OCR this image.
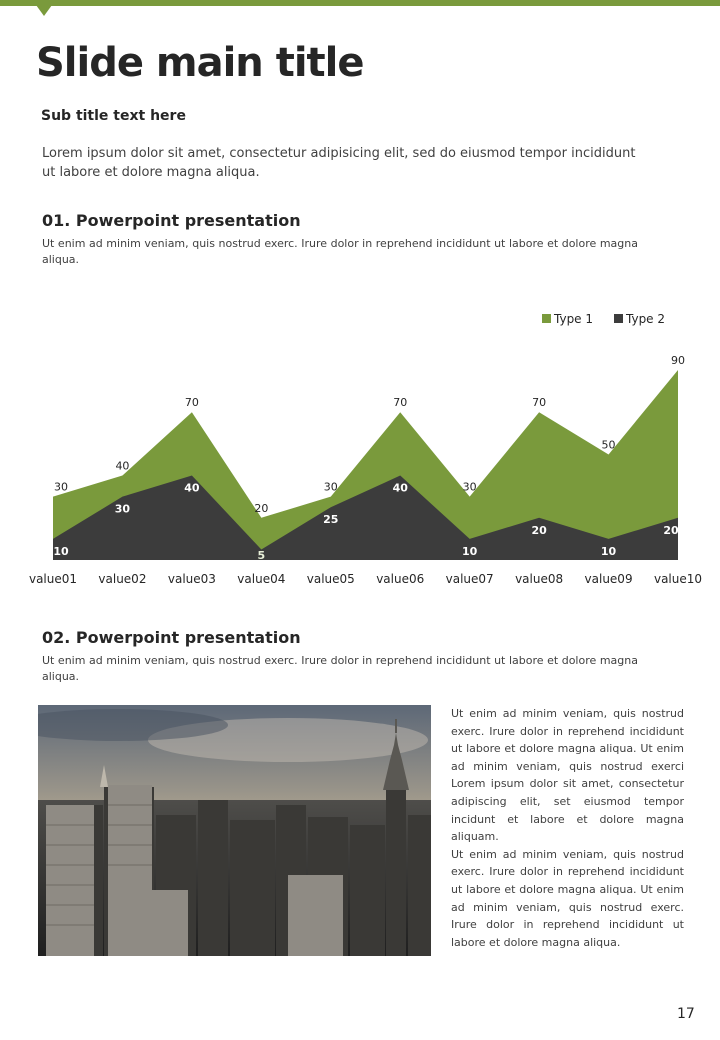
Slide main title
Sub title text here
Lorem ipsum dolor sit amet, consectetur adipisicing elit, sed do eiusmod tempor incididunt ut labore et dolore magna aliqua.
01. Powerpoint presentation
Ut enim ad minim veniam, quis nostrud exerc. Irure dolor in reprehend incididunt ut labore et dolore magna aliqua.
30
40
70
20
30
70
30
70
50
90
10
30
40
5
25
40
10
20
10
20
value01 value02 value03 value04 value05 value06 value07 value08 value09 value10
Type 1	Type 2
02. Powerpoint presentation
Ut enim ad minim veniam, quis nostrud exerc. Irure dolor in reprehend incididunt ut labore et dolore magna aliqua.

Ut enim ad minim veniam, quis nostrud exerc. Irure dolor in reprehend incididunt ut labore et dolore magna aliqua. Ut enim ad minim veniam, quis nostrud exerci Lorem ipsum dolor sit amet, consectetur adipiscing elit, set eiusmod tempor incidunt et labore et dolore magna aliquam.

Ut enim ad minim veniam, quis nostrud exerc. Irure dolor in reprehend incididunt ut labore et dolore magna aliqua. Ut enim ad minim veniam, quis nostrud exerc. Irure dolor in reprehend incididunt ut labore et dolore magna aliqua.

17
